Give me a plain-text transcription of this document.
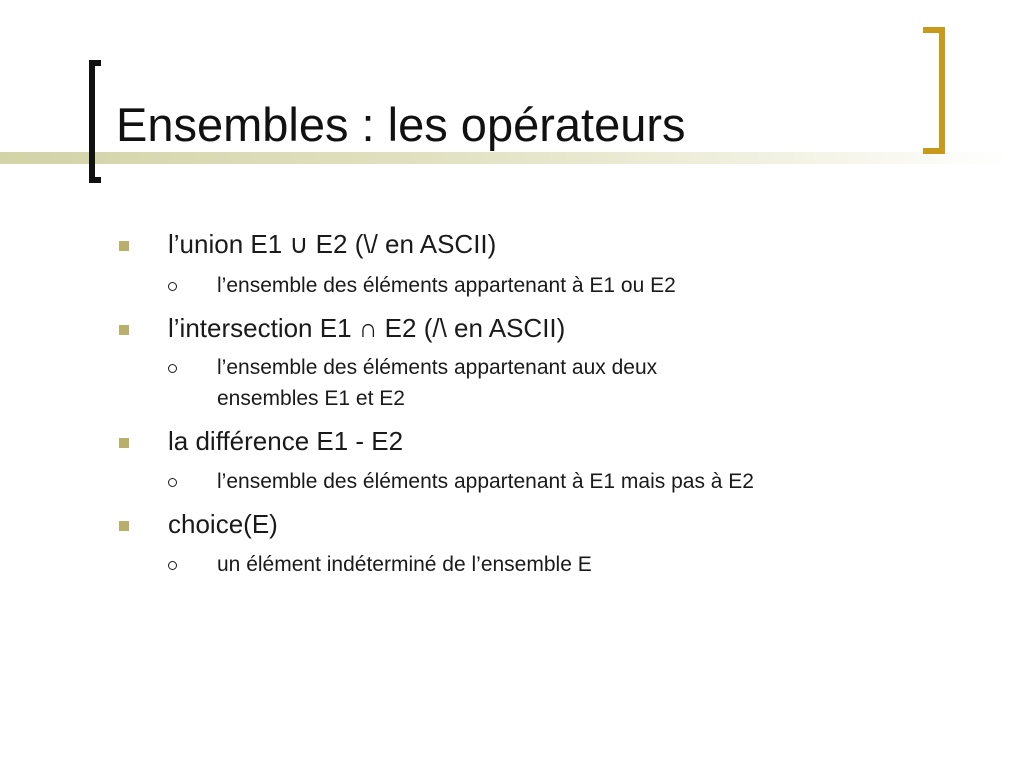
Ensembles : les opérateurs
l’union E1 ∪ E2 (\/ en ASCII)
l’ensemble des éléments appartenant à E1 ou E2
l’intersection E1 ∩ E2 (/\ en ASCII)
l’ensemble des éléments appartenant aux deux
ensembles E1 et E2
la différence E1 - E2
l’ensemble des éléments appartenant à E1 mais pas à E2
choice(E)
un élément indéterminé de l’ensemble E
